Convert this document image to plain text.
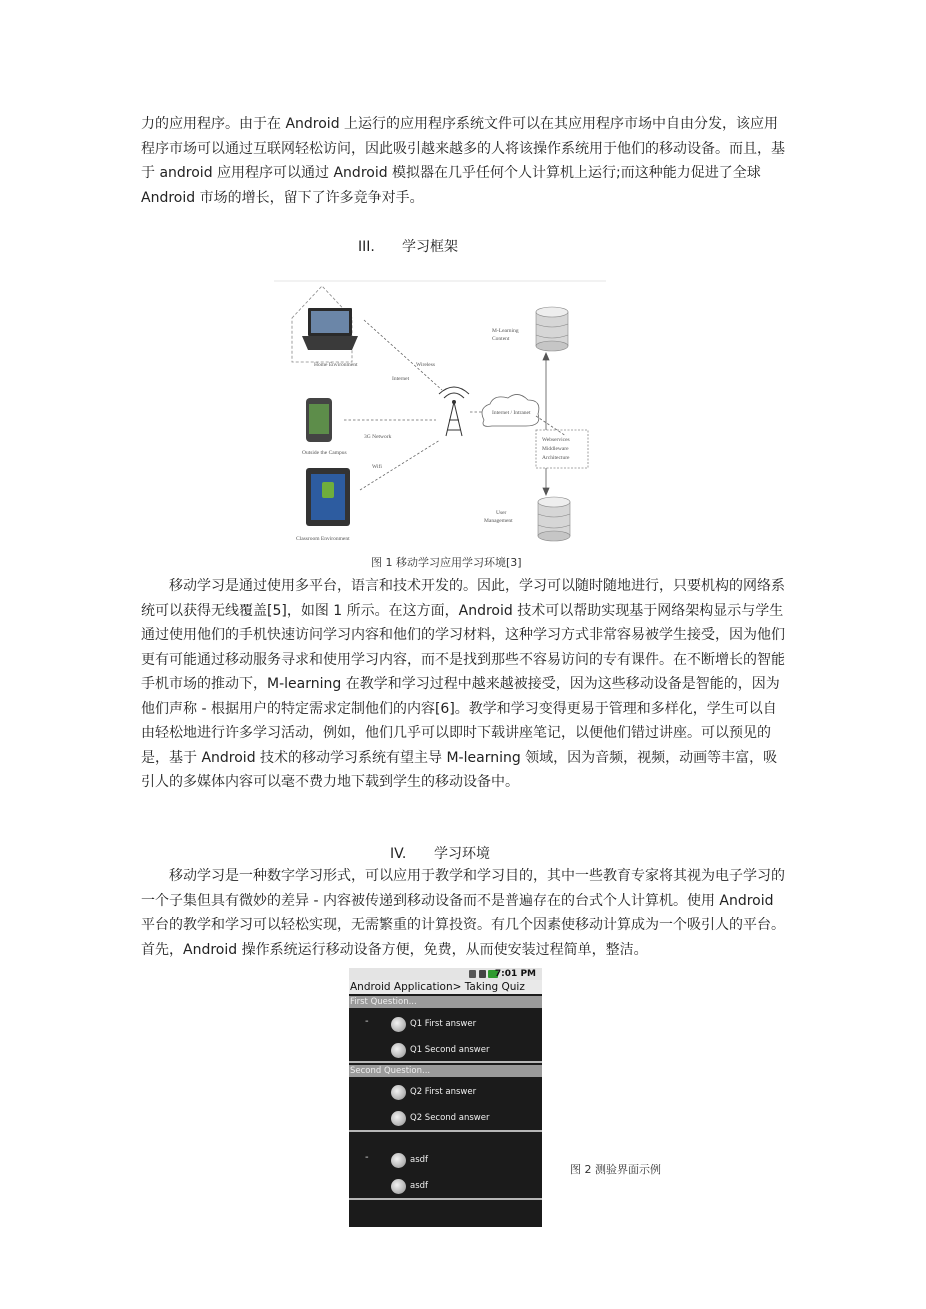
力的应用程序。由于在 Android 上运行的应用程序系统文件可以在其应用程序市场中自由分发，该应用程序市场可以通过互联网轻松访问，因此吸引越来越多的人将该操作系统用于他们的移动设备。而且，基于 android 应用程序可以通过 Android 模拟器在几乎任何个人计算机上运行;而这种能力促进了全球 Android 市场的增长，留下了许多竞争对手。

III. 学习框架
Home Environment
Outside the Campus
Classroom Environment
Internet / Intranet
Internet
Wireless
3G Network
Wifi
Webservices
Middleware
Architecture
M-Learning
Content
User
Management
图 1 移动学习应用学习环境[3]

移动学习是通过使用多平台，语言和技术开发的。因此，学习可以随时随地进行，只要机构的网络系统可以获得无线覆盖[5]，如图 1 所示。在这方面，Android 技术可以帮助实现基于网络架构显示与学生通过使用他们的手机快速访问学习内容和他们的学习材料，这种学习方式非常容易被学生接受，因为他们更有可能通过移动服务寻求和使用学习内容，而不是找到那些不容易访问的专有课件。在不断增长的智能手机市场的推动下，M-learning 在教学和学习过程中越来越被接受，因为这些移动设备是智能的，因为他们声称 - 根据用户的特定需求定制他们的内容[6]。教学和学习变得更易于管理和多样化，学生可以自由轻松地进行许多学习活动，例如，他们几乎可以即时下载讲座笔记，以便他们错过讲座。可以预见的是，基于 Android 技术的移动学习系统有望主导 M-learning 领域，因为音频，视频，动画等丰富，吸引人的多媒体内容可以毫不费力地下载到学生的移动设备中。

IV. 学习环境

移动学习是一种数字学习形式，可以应用于教学和学习目的，其中一些教育专家将其视为电子学习的一个子集但具有微妙的差异 - 内容被传递到移动设备而不是普遍存在的台式个人计算机。使用 Android 平台的教学和学习可以轻松实现，无需繁重的计算投资。有几个因素使移动计算成为一个吸引人的平台。首先，Android 操作系统运行移动设备方便，免费，从而使安装过程简单，整洁。

7:01 PM
Android Application> Taking Quiz
First Question...
-	Q1 First answer
Q1 Second answer
Second Question...
Q2 First answer
Q2 Second answer
-	asdf
asdf
图 2 测验界面示例
